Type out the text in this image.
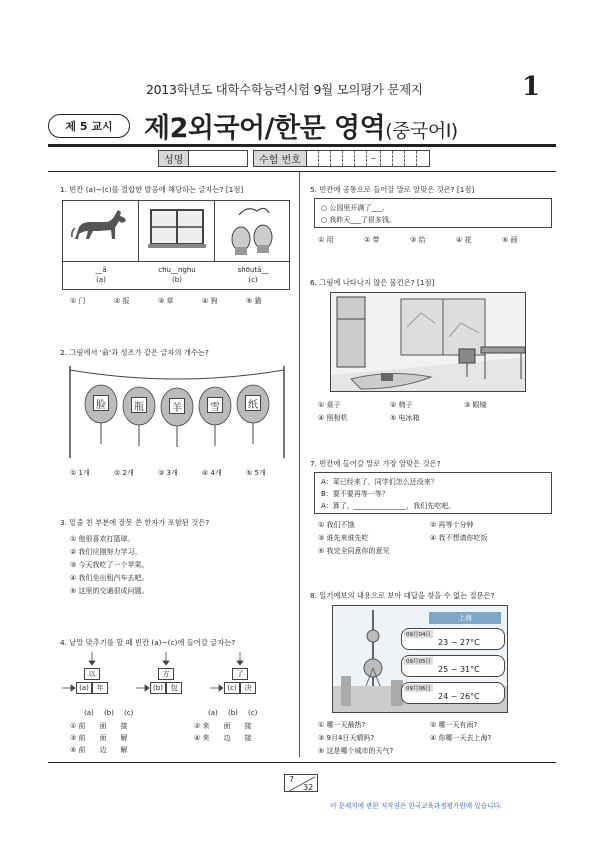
2013학년도 대학수학능력시험 9월 모의평가 문제지	1
제 5 교시	제2외국어/한문 영역(중국어Ⅰ)
성명	수험 번호	–
1. 빈칸 (a)~(c)를 결합한 발음에 해당하는 글자는? [1점]
__ā	chu__nghu	shōutā__
(a)	(b)	(c)
① 门	② 报	③ 草	④ 狗	⑤ 猫
2. 그림에서 '命'과 성조가 같은 글자의 개수는?
脸	瓶	羊	雪	纸
① 1개	② 2개	③ 3개	④ 4개	⑤ 5개
3. 밑줄 친 부분에 잘못 쓴 한자가 포함된 것은?
① 他很喜欢打篮球。
② 我们应刚努力学习。
③ 今天我吃了一个苹果。
④ 我们坐出租汽车去吧。
⑤ 这里的交通很成问题。
4. 낱말 맞추기를 할 때 빈칸 (a)~(c)에 들어갈 글자는?
以
(a)	年
方
(b)	包
了
(c)	决
(a) (b) (c)	(a) (b) (c)
① 前　　面　　接
③ 前　　面　　解
⑤ 前　　边　　解
② 来　　面　　接
④ 来　　边　　接
5. 빈칸에 공통으로 들어갈 말로 알맞은 것은? [1점]
○ 公园里开满了___。
○ 我昨天___了很多钱。
① 用	② 带	③ 给	④ 花	⑤ 画
6. 그림에 나타나지 않은 물건은? [1점]
① 桌子	② 椅子	③ 眼镜
④ 照相机	⑤ 电冰箱
7. 빈칸에 들어갈 말로 가장 알맞은 것은?
A：菜已经来了，同学们怎么还没来？
B：要不要再等一等？
A：算了，_______________，我们先吃吧。
① 我们不饿	② 再等十分钟
③ 谁先来谁先吃	④ 我不想请你吃饭
⑤ 我完全同意你的意见
8. 일기예보의 내용으로 보아 대답을 찾을 수 없는 질문은?
上海
09月04日
23 ~ 27°C
09月05日
25 ~ 31°C
09月06日
24 ~ 26°C
① 哪一天最热?	② 哪一天有雨?
③ 9月4日天晴吗?	④ 你哪一天去上海?
⑤ 这是哪个城市的天气?
7
32
이 문제지에 관한 저작권은 한국교육과정평가원에 있습니다.
